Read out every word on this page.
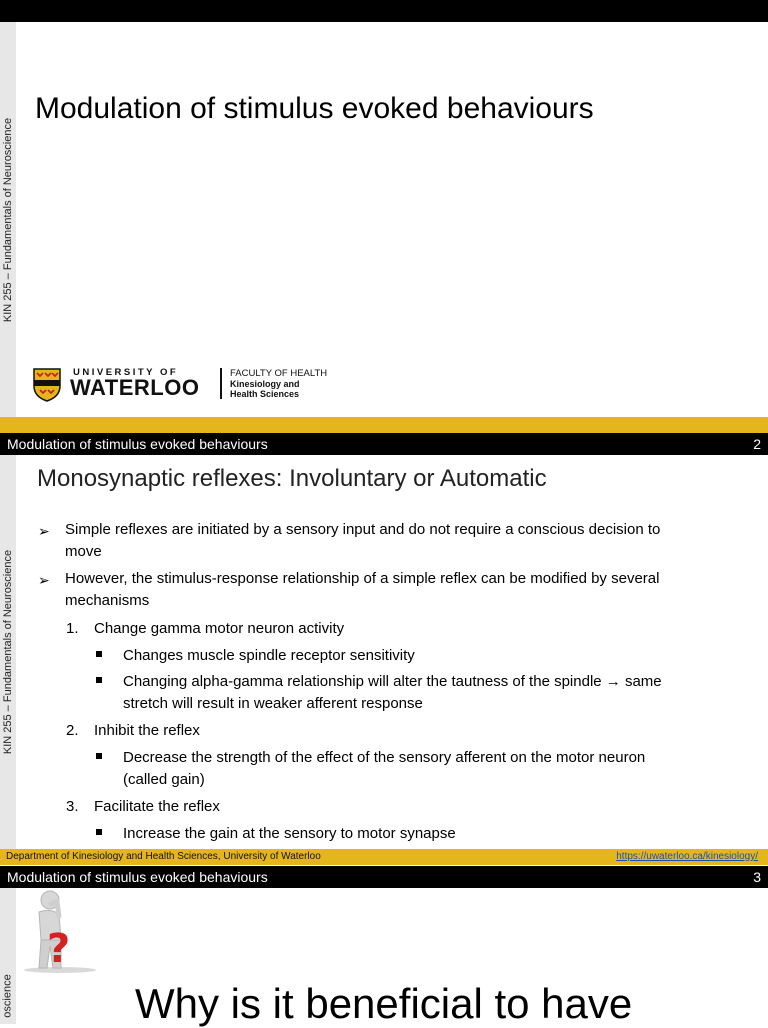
KIN 255 – Fundamentals of Neuroscience
Modulation of stimulus evoked behaviours
UNIVERSITY OF
WATERLOO
FACULTY OF HEALTH
Kinesiology and
Health Sciences
Modulation of stimulus evoked behaviours	2
KIN 255 – Fundamentals of Neuroscience
Monosynaptic reflexes: Involuntary or Automatic
➢ Simple reflexes are initiated by a sensory input and do not require a conscious decision to
move
➢ However, the stimulus-response relationship of a simple reflex can be modified by several
mechanisms
1. Change gamma motor neuron activity
Changes muscle spindle receptor sensitivity
Changing alpha-gamma relationship will alter the tautness of the spindle → same
stretch will result in weaker afferent response
2. Inhibit the reflex
Decrease the strength of the effect of the sensory afferent on the motor neuron
(called gain)
3. Facilitate the reflex
Increase the gain at the sensory to motor synapse
Department of Kinesiology and Health Sciences, University of Waterloo	https://uwaterloo.ca/kinesiology/
Modulation of stimulus evoked behaviours	3
oscience
?
Why is it beneficial to have
